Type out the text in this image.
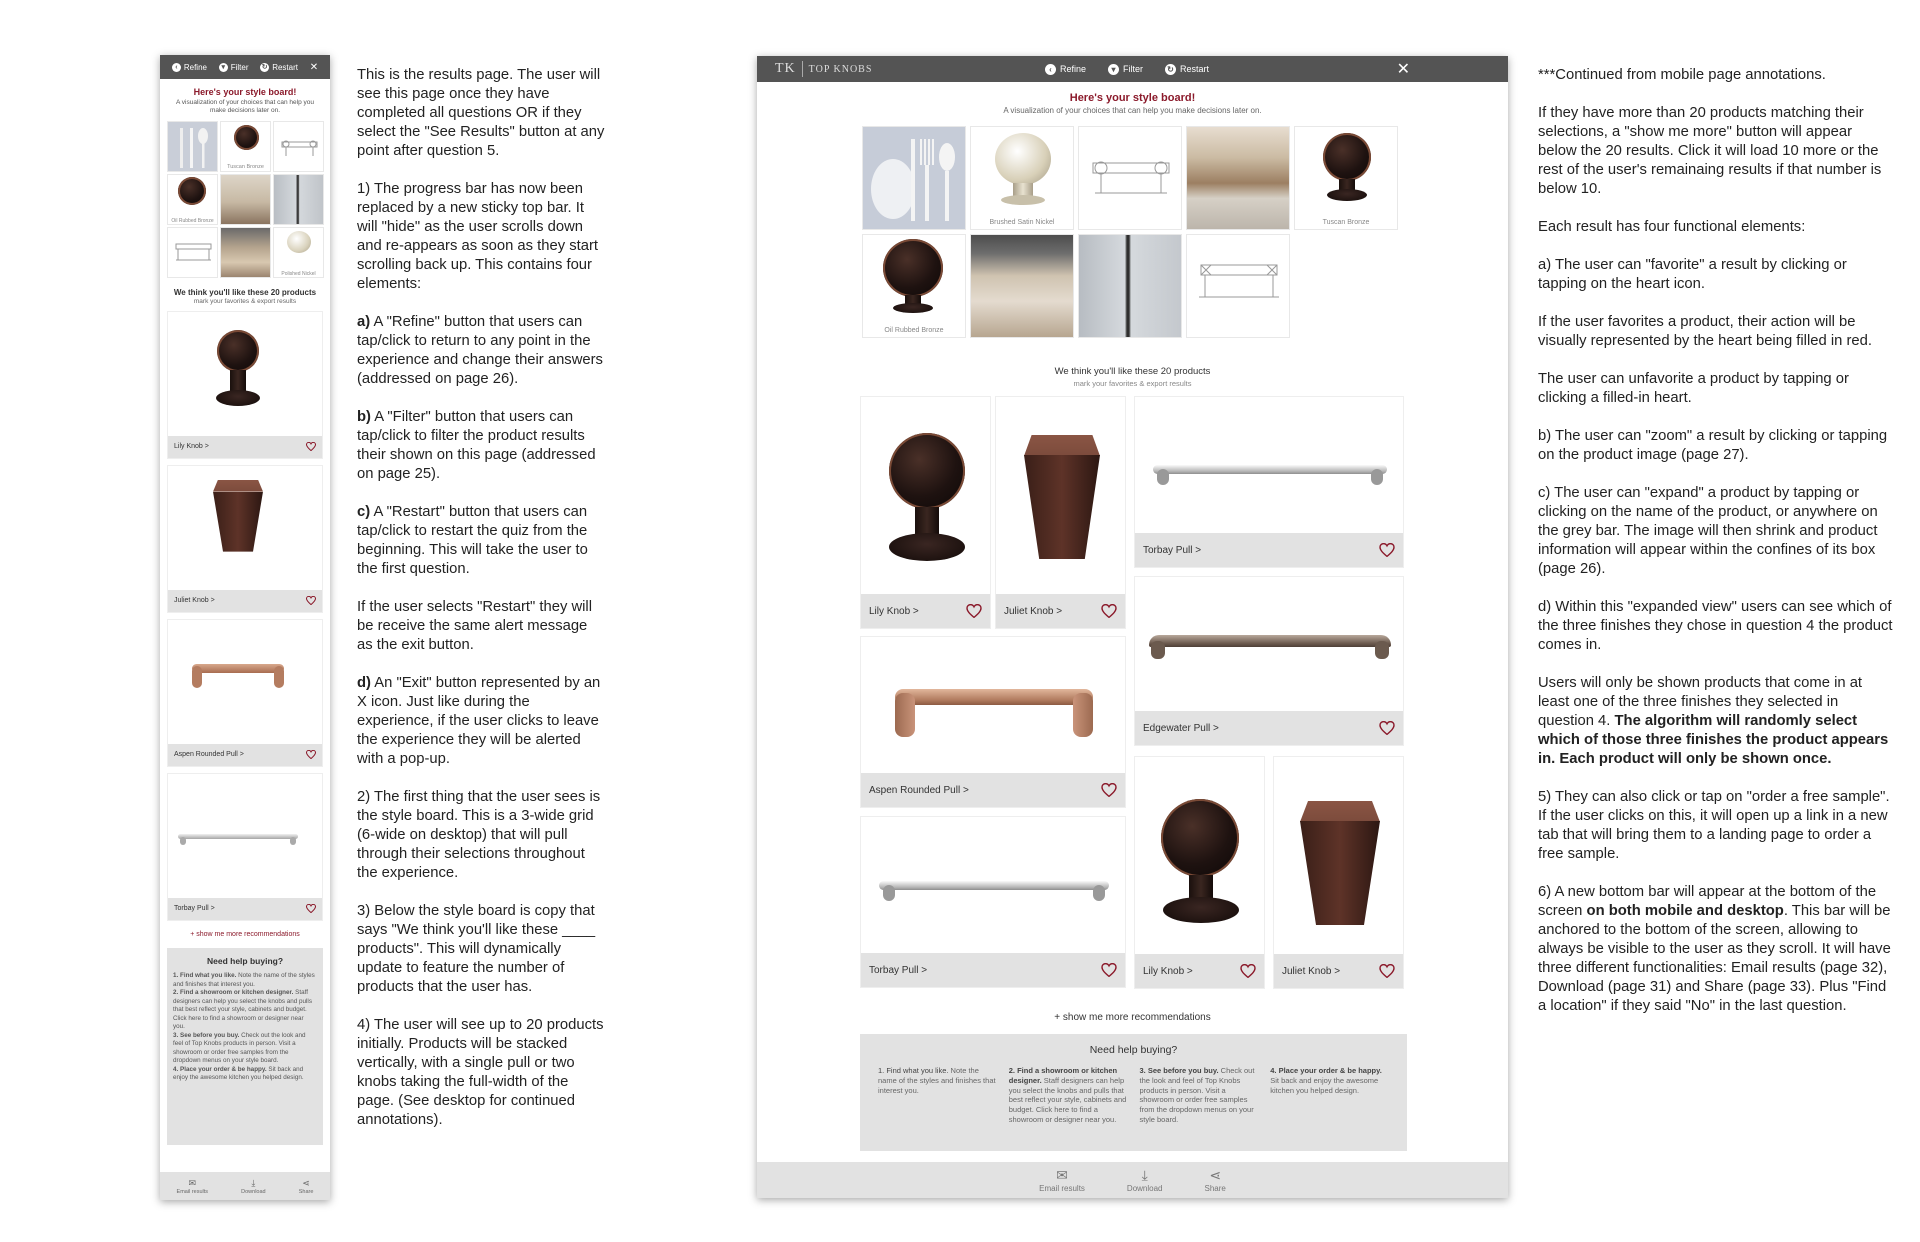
‹ Refine	▾ Filter ↻ Restart ✕
Here's your style board!
A visualization of your choices that can help you make decisions later on.
Tuscan Bronze
Oil Rubbed Bronze
Polished Nickel
We think you'll like these 20 products
mark your favorites & export results
Lily Knob >
Juliet Knob >
Aspen Rounded Pull >
Torbay Pull >
+ show me more recommendations
Need help buying?

1. Find what you like. Note the name of the styles and finishes that interest you.

2. Find a showroom or kitchen designer. Staff designers can help you select the knobs and pulls that best reflect your style, cabinets and budget. Click here to find a showroom or designer near you.

3. See before you buy. Check out the look and feel of Top Knobs products in person. Visit a showroom or order free samples from the dropdown menus on your style board.

4. Place your order & be happy. Sit back and enjoy the awesome kitchen you helped design.

✉
Email results
⤓
Download
⋖
Share

This is the results page. The user will see this page once they have completed all questions OR if they select the "See Results" button at any point after question 5.

1) The progress bar has now been replaced by a new sticky top bar. It will "hide" as the user scrolls down and re-appears as soon as they start scrolling back up. This contains four elements:

a) A "Refine" button that users can tap/click to return to any point in the experience and change their answers (addressed on page 26).

b) A "Filter" button that users can tap/click to filter the product results their shown on this page (addressed on page 25).

c) A "Restart" button that users can tap/click to restart the quiz from the beginning. This will take the user to the first question.

If the user selects "Restart" they will be receive the same alert message as the exit button.

d) An "Exit" button represented by an X icon. Just like during the experience, if the user clicks to leave the experience they will be alerted with a pop-up.

2) The first thing that the user sees is the style board. This is a 3-wide grid (6-wide on desktop) that will pull through their selections throughout the experience.

3) Below the style board is copy that says "We think you'll like these ____ products". This will dynamically update to feature the number of products that the user has.

4) The user will see up to 20 products initially. Products will be stacked vertically, with a single pull or two knobs taking the full-width of the page. (See desktop for continued annotations).

TK	TOP KNOBS	‹ Refine	▾ Filter	↻ Restart	✕
Here's your style board!
A visualization of your choices that can help you make decisions later on.
Brushed Satin Nickel	Tuscan Bronze
Oil Rubbed Bronze
We think you'll like these 20 products
mark your favorites & export results
Lily Knob >	Juliet Knob >
Torbay Pull >
Edgewater Pull >
Aspen Rounded Pull >
Lily Knob >	Juliet Knob >
Torbay Pull >
+ show me more recommendations
Need help buying?
1. Find what you like. Note the name of the styles and finishes that interest you.
2. Find a showroom or kitchen designer. Staff designers can help you select the knobs and pulls that best reflect your style, cabinets and budget. Click here to find a showroom or designer near you.
3. See before you buy. Check out the look and feel of Top Knobs products in person. Visit a showroom or order free samples from the dropdown menus on your style board.
4. Place your order & be happy. Sit back and enjoy the awesome kitchen you helped design.
✉
Email results
⤓
Download
⋖
Share

***Continued from mobile page annotations.

If they have more than 20 products matching their selections, a "show me more" button will appear below the 20 results. Click it will load 10 more or the rest of the user's remainaing results if that number is below 10.

Each result has four functional elements:

a) The user can "favorite" a result by clicking or tapping on the heart icon.

If the user favorites a product, their action will be visually represented by the heart being filled in red.

The user can unfavorite a product by tapping or clicking a filled-in heart.

b) The user can "zoom" a result by clicking or tapping on the product image (page 27).

c) The user can "expand" a product by tapping or clicking on the name of the product, or anywhere on the grey bar. The image will then shrink and product information will appear within the confines of its box (page 26).

d) Within this "expanded view" users can see which of the three finishes they chose in question 4 the product comes in.

Users will only be shown products that come in at least one of the three finishes they selected in question 4. The algorithm will randomly select which of those three finishes the product appears in. Each product will only be shown once.

5) They can also click or tap on "order a free sample". If the user clicks on this, it will open up a link in a new tab that will bring them to a landing page to order a free sample.

6) A new bottom bar will appear at the bottom of the screen on both mobile and desktop. This bar will be anchored to the bottom of the screen, allowing to always be visible to the user as they scroll. It will have three different functionalities: Email results (page 32), Download (page 31) and Share (page 33). Plus "Find a location" if they said "No" in the last question.
